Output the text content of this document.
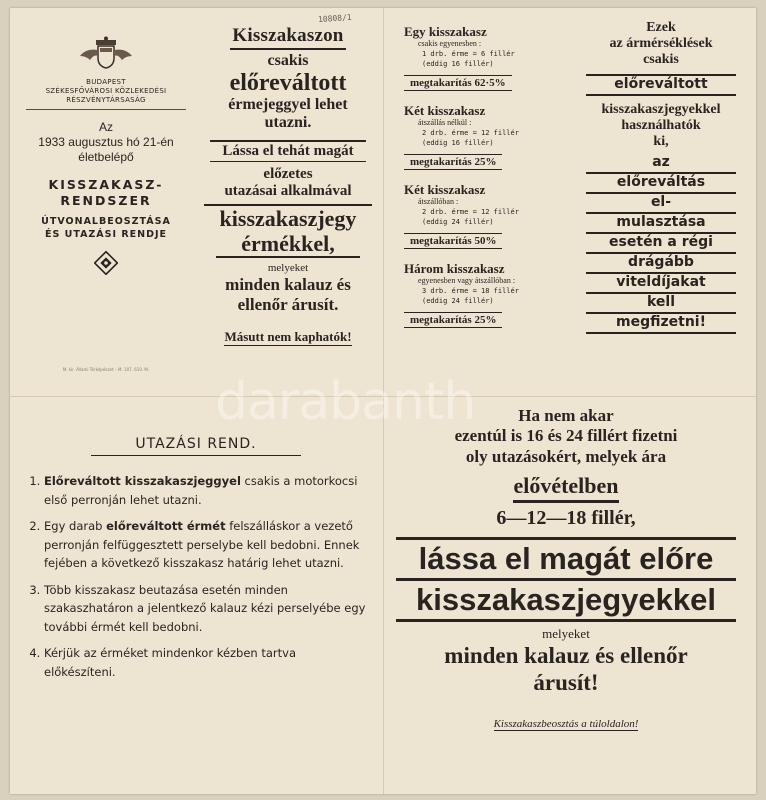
BUDAPEST
SZÉKESFŐVÁROSI KÖZLEKEDÉSI
RÉSZVÉNYTÁRSASÁG
Az
1933 augusztus hó 21-én
életbelépő
KISSZAKASZ-
RENDSZER
ÚTVONALBEOSZTÁSA
ÉS UTAZÁSI RENDJE
M. kir. Állami Térképészet – M. 107. 610. M.
10808/1
Kisszakaszon
csakis
előreváltott
érmejeggyel lehet
utazni.
Lássa el tehát magát
előzetes
utazásai alkalmával
kisszakaszjegy
érmékkel,
melyeket
minden kalauz és
ellenőr árusít.
Másutt nem kaphatók!
Egy kisszakasz
csakis egyenesben :
1 drb. érme = 6 fillér
(eddig 16 fillér)
megtakarítás 62·5%
Két kisszakasz
átszállás nélkül :
2 drb. érme = 12 fillér
(eddig 16 fillér)
megtakarítás 25%
Két kisszakasz
átszállóban :
2 drb. érme = 12 fillér
(eddig 24 fillér)
megtakarítás 50%
Három kisszakasz
egyenesben vagy átszállóban :
3 drb. érme = 18 fillér
(eddig 24 fillér)
megtakarítás 25%
Ezek
az ármérséklések
csakis
előreváltott
kisszakaszjegyekkel
használhatók
ki,
az
előreváltás
el-
mulasztása
esetén a régi
drágább
viteldíjakat
kell
megfizetni!
UTAZÁSI REND.
1. Előreváltott kisszakaszjeggyel csakis a motorkocsi első perronján lehet utazni.
2. Egy darab előreváltott érmét felszálláskor a vezető perronján felfüggesztett perselybe kell bedobni. Ennek fejében a következő kisszakasz határig lehet utazni.
3. Több kisszakasz beutazása esetén minden szakaszhatáron a jelentkező kalauz kézi perselyébe egy további érmét kell bedobni.
4. Kérjük az érméket mindenkor kézben tartva előkészíteni.
Ha nem akar
ezentúl is 16 és 24 fillért fizetni
oly utazásokért, melyek ára
elővételben
6—12—18 fillér,
lássa el magát előre
kisszakaszjegyekkel
melyeket
minden kalauz és ellenőr
árusít!
Kisszakaszbeosztás a túloldalon!
darabanth
